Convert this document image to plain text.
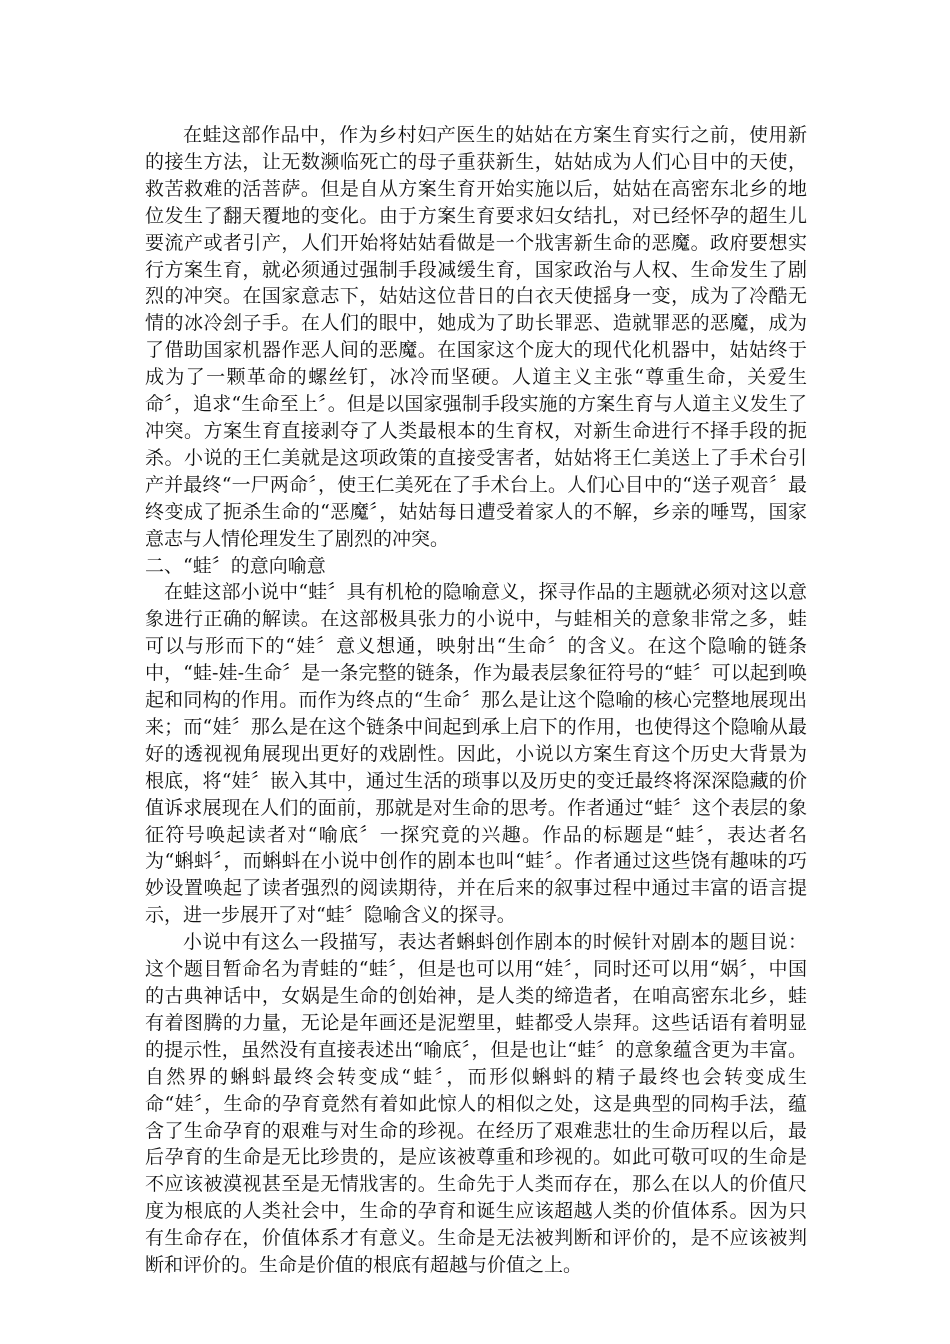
在蛙这部作品中，作为乡村妇产医生的姑姑在方案生育实行之前，使用新的接生方法，让无数濒临死亡的母子重获新生，姑姑成为人们心目中的天使，救苦救难的活菩萨。但是自从方案生育开始实施以后，姑姑在高密东北乡的地位发生了翻天覆地的变化。由于方案生育要求妇女结扎，对已经怀孕的超生儿要流产或者引产，人们开始将姑姑看做是一个戕害新生命的恶魔。政府要想实行方案生育，就必须通过强制手段减缓生育，国家政治与人权、生命发生了剧烈的冲突。在国家意志下，姑姑这位昔日的白衣天使摇身一变，成为了冷酷无情的冰冷刽子手。在人们的眼中，她成为了助长罪恶、造就罪恶的恶魔，成为了借助国家机器作恶人间的恶魔。在国家这个庞大的现代化机器中，姑姑终于成为了一颗革命的螺丝钉，冰冷而坚硬。人道主义主张“尊重生命，关爱生命〞，追求“生命至上〞。但是以国家强制手段实施的方案生育与人道主义发生了冲突。方案生育直接剥夺了人类最根本的生育权，对新生命进行不择手段的扼杀。小说的王仁美就是这项政策的直接受害者，姑姑将王仁美送上了手术台引产并最终“一尸两命〞，使王仁美死在了手术台上。人们心目中的“送子观音〞最终变成了扼杀生命的“恶魔〞，姑姑每日遭受着家人的不解，乡亲的唾骂，国家意志与人情伦理发生了剧烈的冲突。

二、“蛙〞的意向喻意

在蛙这部小说中“蛙〞具有机枪的隐喻意义，探寻作品的主题就必须对这以意象进行正确的解读。在这部极具张力的小说中，与蛙相关的意象非常之多，蛙可以与形而下的“娃〞意义想通，映射出“生命〞的含义。在这个隐喻的链条中，“蛙-娃-生命〞是一条完整的链条，作为最表层象征符号的“蛙〞可以起到唤起和同构的作用。而作为终点的“生命〞那么是让这个隐喻的核心完整地展现出来；而“娃〞那么是在这个链条中间起到承上启下的作用，也使得这个隐喻从最好的透视视角展现出更好的戏剧性。因此，小说以方案生育这个历史大背景为根底，将“娃〞嵌入其中，通过生活的琐事以及历史的变迁最终将深深隐藏的价值诉求展现在人们的面前，那就是对生命的思考。作者通过“蛙〞这个表层的象征符号唤起读者对“喻底〞一探究竟的兴趣。作品的标题是“蛙〞，表达者名为“蝌蚪〞，而蝌蚪在小说中创作的剧本也叫“蛙〞。作者通过这些饶有趣味的巧妙设置唤起了读者强烈的阅读期待，并在后来的叙事过程中通过丰富的语言提示，进一步展开了对“蛙〞隐喻含义的探寻。

小说中有这么一段描写，表达者蝌蚪创作剧本的时候针对剧本的题目说：这个题目暂命名为青蛙的“蛙〞，但是也可以用“娃〞，同时还可以用“娲〞，中国的古典神话中，女娲是生命的创始神，是人类的缔造者，在咱高密东北乡，蛙有着图腾的力量，无论是年画还是泥塑里，蛙都受人崇拜。这些话语有着明显的提示性，虽然没有直接表述出“喻底〞，但是也让“蛙〞的意象蕴含更为丰富。自然界的蝌蚪最终会转变成“蛙〞，而形似蝌蚪的精子最终也会转变成生命“娃〞，生命的孕育竟然有着如此惊人的相似之处，这是典型的同构手法，蕴含了生命孕育的艰难与对生命的珍视。在经历了艰难悲壮的生命历程以后，最后孕育的生命是无比珍贵的，是应该被尊重和珍视的。如此可敬可叹的生命是不应该被漠视甚至是无情戕害的。生命先于人类而存在，那么在以人的价值尺度为根底的人类社会中，生命的孕育和诞生应该超越人类的价值体系。因为只有生命存在，价值体系才有意义。生命是无法被判断和评价的，是不应该被判断和评价的。生命是价值的根底有超越与价值之上。
